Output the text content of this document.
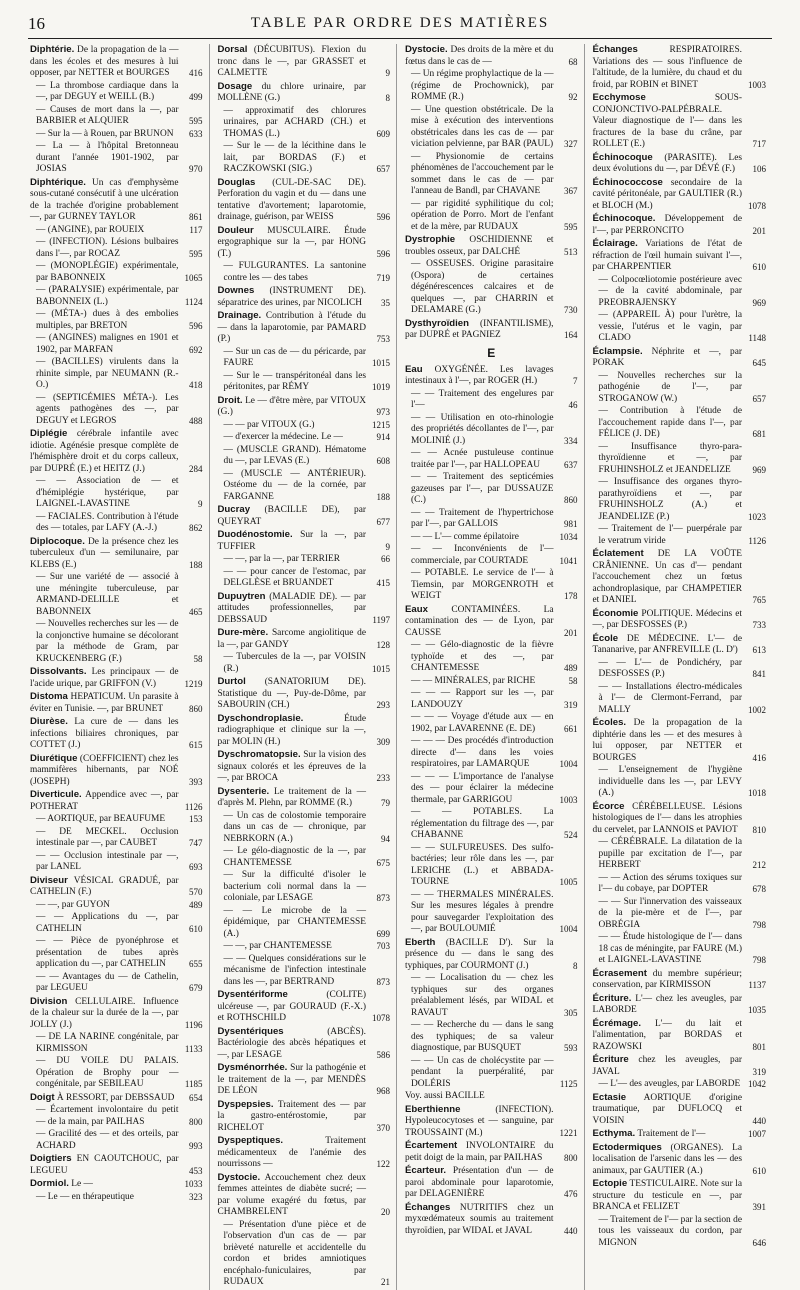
16	TABLE PAR ORDRE DES MATIÈRES
Diphtérie. De la propagation de la — dans les écoles et des mesures à lui opposer, par NETTER et BOURGES	416
— La thrombose cardiaque dans la —, par DEGUY et WEILL (B.)	499
— Causes de mort dans la —, par BARBIER et ALQUIER	595
— Sur la — à Rouen, par BRUNON	633
— La — à l'hôpital Bretonneau durant l'année 1901-1902, par JOSIAS	970
Diphtérique. Un cas d'emphysème sous-cutané consécutif à une ulcération de la trachée d'origine probablement —, par GURNEY TAYLOR	861
— (ANGINE), par ROUEIX	117
— (INFECTION). Lésions bulbaires dans l'—, par ROCAZ	595
— (MONOPLÉGIE) expérimentale, par BABONNEIX	1065
— (PARALYSIE) expérimentale, par BABONNEIX (L.)	1124
— (MÉTA-) dues à des embolies multiples, par BRETON	596
— (ANGINES) malignes en 1901 et 1902, par MARFAN	692
— (BACILLES) virulents dans la rhinite simple, par NEUMANN (R.-O.)	418
— (SEPTICÉMIES MÉTA-). Les agents pathogènes des —, par DEGUY et LEGROS	488
Diplégie cérébrale infantile avec idiotie. Agénésie presque complète de l'hémisphère droit et du corps calleux, par DUPRÉ (E.) et HEITZ (J.)	284
— — Association de — et d'hémiplégie hystérique, par LAIGNEL-LAVASTINE	9
— FACIALES. Contribution à l'étude des — totales, par LAFY (A.-J.)	862
Diplocoque. De la présence chez les tuberculeux d'un — semilunaire, par KLEBS (E.)	188
— Sur une variété de — associé à une méningite tuberculeuse, par ARMAND-DELILLE et BABONNEIX	465
— Nouvelles recherches sur les — de la conjonctive humaine se décolorant par la méthode de Gram, par KRUCKENBERG (F.)	58
Dissolvants. Les principaux — de l'acide urique, par GRIFFON (V.)	1219
Distoma HEPATICUM. Un parasite à éviter en Tunisie. —, par BRUNET	860
Diurèse. La cure de — dans les infections biliaires chroniques, par COTTET (J.)	615
Diurétique (COEFFICIENT) chez les mammifères hibernants, par NOÉ (JOSEPH)	393
Diverticule. Appendice avec —, par POTHERAT	1126
— AORTIQUE, par BEAUFUME	153
— DE MECKEL. Occlusion intestinale par —, par CAUBET	747
— — Occlusion intestinale par —, par LANEL	693
Diviseur VÉSICAL GRADUÉ, par CATHELIN (F.)	570
— —, par GUYON	489
— — Applications du —, par CATHELIN	610
— — Pièce de pyonéphrose et présentation de tubes après application du —, par CATHELIN	655
— — Avantages du — de Cathelin, par LEGUEU	679
Division CELLULAIRE. Influence de la chaleur sur la durée de la —, par JOLLY (J.)	1196
— DE LA NARINE congénitale, par KIRMISSON	1133
— DU VOILE DU PALAIS. Opération de Brophy pour — congénitale, par SEBILEAU	1185
Doigt À RESSORT, par DEBSSAUD	654
— Écartement involontaire du petit — de la main, par PAILHAS	800
— Gracilité des — et des orteils, par ACHARD	993
Doigtiers EN CAOUTCHOUC, par LEGUEU	453
Dormiol. Le —	1033
— Le — en thérapeutique	323
Dorsal (DÉCUBITUS). Flexion du tronc dans le —, par GRASSET et CALMETTE	9
Dosage du chlore urinaire, par MOLLÈNE (G.)	8
— approximatif des chlorures urinaires, par ACHARD (CH.) et THOMAS (L.)	609
— Sur le — de la lécithine dans le lait, par BORDAS (F.) et RACZKOWSKI (SIG.)	657
Douglas (CUL-DE-SAC DE). Perforation du vagin et du — dans une tentative d'avortement; laparotomie, drainage, guérison, par WEISS	596
Douleur MUSCULAIRE. Étude ergographique sur la —, par HONG (T.)	596
— FULGURANTES. La santonine contre les — des tabes	719
Downes (INSTRUMENT DE). séparatrice des urines, par NICOLICH	35
Drainage. Contribution à l'étude du — dans la laparotomie, par PAMARD (P.)	753
— Sur un cas de — du péricarde, par FAURE	1015
— Sur le — transpéritonéal dans les péritonites, par RÉMY	1019
Droit. Le — d'être mère, par VITOUX (G.)	973
— — par VITOUX (G.)	1215
— d'exercer la médecine. Le —	914
— (MUSCLE GRAND). Hématome du —, par LEVAS (E.)	608
— (MUSCLE — ANTÉRIEUR). Ostéome du — de la cornée, par FARGANNE	188
Ducray (BACILLE DE), par QUEYRAT	677
Duodénostomie. Sur la —, par TUFFIER	9
— —, par la —, par TERRIER	66
— — pour cancer de l'estomac, par DELGLÈSE et BRUANDET	415
Dupuytren (MALADIE DE). — par attitudes professionnelles, par DEBSSAUD	1197
Dure-mère. Sarcome angiolitique de la —, par GANDY	128
— Tubercules de la —, par VOISIN (R.)	1015
Durtol (SANATORIUM DE). Statistique du —, Puy-de-Dôme, par SABOURIN (CH.)	293
Dyschondroplasie.	Étude radiographique et clinique sur la —, par MOLIN (H.)	309
Dyschromatopsie. Sur la vision des signaux colorés et les épreuves de la —, par BROCA	233
Dysenterie. Le traitement de la — d'après M. Plehn, par ROMME (R.)	79
— Un cas de colostomie temporaire dans un cas de — chronique, par NEBRKORN (A.)	94
— Le gélo-diagnostic de la —, par CHANTEMESSE	675
— Sur la difficulté d'isoler le bacterium coli normal dans la — coloniale, par LESAGE	873
— — Le microbe de la — épidémique, par CHANTEMESSE (A.)	699
— —, par CHANTEMESSE	703
— — Quelques considérations sur le mécanisme de l'infection intestinale dans les —, par BERTRAND	873
Dysentériforme	(COLITE) ulcéreuse —, par GOURAUD (F.-X.) et ROTHSCHILD	1078
Dysentériques	(ABCÈS). Bactériologie des abcès hépatiques et —, par LESAGE	586
Dysménorrhée. Sur la pathogénie et le traitement de la —, par MENDÈS DE LÉON	968
Dyspepsies. Traitement des — par la gastro-entérostomie, par RICHELOT	370
Dyspeptiques.	Traitement médicamenteux de l'anémie des nourrissons —	122
Dystocie. Accouchement chez deux femmes atteintes de diabète sucré; — par volume exagéré du fœtus, par CHAMBRELENT	20
— Présentation d'une pièce et de l'observation d'un cas de — par brièveté naturelle et accidentelle du cordon et brides amniotiques encéphalo-funiculaires, par RUDAUX	21
Dystocie. Des droits de la mère et du fœtus dans le cas de —	68
— Un régime prophylactique de la — (régime de Prochownick), par ROMME (R.)	92
— Une question obstétricale. De la mise à exécution des interventions obstétricales dans les cas de — par viciation pelvienne, par BAR (PAUL)	327
— Physionomie de certains phénomènes de l'accouchement par le sommet dans le cas de — par l'anneau de Bandl, par CHAVANE	367
— par rigidité syphilitique du col; opération de Porro. Mort de l'enfant et de la mère, par RUDAUX	595
Dystrophie OSCHIDIENNE et troubles osseux, par DALCHÉ	513
— OSSEUSES. Origine parasitaire (Ospora) de certaines dégénérescences calcaires et de quelques —, par CHARRIN et DELAMARE (G.)	730
Dysthyroïdien (INFANTILISME), par DUPRÉ et PAGNIEZ	164
E
Eau OXYGÉNÉE. Les lavages intestinaux à l'—, par ROGER (H.)	7
— — Traitement des engelures par l'—	46
— — Utilisation en oto-rhinologie des propriétés décollantes de l'—, par MOLINIÉ (J.)	334
— — Acnée pustuleuse continue traitée par l'—, par HALLOPEAU	637
— — Traitement des septicémies gazeuses par l'—, par DUSSAUZE (C.)	860
— — Traitement de l'hypertrichose par l'—, par GALLOIS	981
— — L'— comme épilatoire	1034
— — Inconvénients de l'— commerciale, par COURTADE	1041
— POTABLE. Le service de l'— à Tiemsin, par MORGENROTH et WEIGT	178
Eaux CONTAMINÉES. La contamination des — de Lyon, par CAUSSE	201
— — Gélo-diagnostic de la fièvre typhoïde et des —, par CHANTEMESSE	489
— — MINÉRALES, par RICHE	58
— — — Rapport sur les —, par LANDOUZY	319
— — — Voyage d'étude aux — en 1902, par LAVARENNE (E. DE)	661
— — — Des procédés d'introduction directe d'— dans les voies respiratoires, par LAMARQUE	1004
— — — L'importance de l'analyse des — pour éclairer la médecine thermale, par GARRIGOU	1003
— — POTABLES. La réglementation du filtrage des —, par CHABANNE	524
— — SULFUREUSES. Des sulfo-bactéries; leur rôle dans les —, par LERICHE (L.) et ABBADA-TOURNE	1005
— — THERMALES MINÉRALES. Sur les mesures légales à prendre pour sauvegarder l'exploitation des —, par BOULOUMIÉ	1004
Eberth (BACILLE D'). Sur la présence du — dans le sang des typhiques, par COURMONT (J.)	8
— — Localisation du — chez les typhiques sur des organes préalablement lésés, par WIDAL et RAVAUT	305
— — Recherche du — dans le sang des typhiques; de sa valeur diagnostique, par BUSQUET	593
— — Un cas de cholécystite par — pendant la puerpéralité, par DOLÉRIS	1125
Voy. aussi BACILLE
Eberthienne	(INFECTION). Hypoleucocytoses et — sanguine, par TROUSSAINT (M.)	1221
Écartement INVOLONTAIRE du petit doigt de la main, par PAILHAS	800
Écarteur. Présentation d'un — de paroi abdominale pour laparotomie, par DELAGENIÈRE	476
Échanges NUTRITIFS chez un myxœdémateux soumis au traitement thyroïdien, par WIDAL et JAVAL	440
Échanges	RESPIRATOIRES. Variations des — sous l'influence de l'altitude, de la lumière, du chaud et du froid, par ROBIN et BINET	1003
Ecchymose	SOUS-CONJONCTIVO-PALPÉBRALE. Valeur diagnostique de l'— dans les fractures de la base du crâne, par ROLLET (E.)	717
Échinocoque (PARASITE). Les deux évolutions du —, par DÉVÉ (F.)	106
Échinococcose secondaire de la cavité péritonéale, par GAULTIER (R.) et BLOCH (M.)	1078
Échinocoque. Développement de l'—, par PERRONCITO	201
Éclairage. Variations de l'état de réfraction de l'œil humain suivant l'—, par CHARPENTIER	610
— Colpocœliotomie postérieure avec — de la cavité abdominale, par PREOBRAJENSKY	969
— (APPAREIL À) pour l'urètre, la vessie, l'utérus et le vagin, par CLADO	1148
Éclampsie. Néphrite et —, par PORAK	645
— Nouvelles recherches sur la pathogénie de l'—, par STROGANOW (W.)	657
— Contribution à l'étude de l'accouchement rapide dans l'—, par FÉLICE (J. DE)	681
— Insuffisance thyro-para-thyroïdienne et —, par FRUHINSHOLZ et JEANDELIZE	969
— Insuffisance des organes thyro-parathyroïdiens et —, par FRUHINSHOLZ (A.) et JEANDELIZE (P.)	1023
— Traitement de l'— puerpérale par le veratrum viride	1126
Éclatement DE LA VOÛTE CRÂNIENNE. Un cas d'— pendant l'accouchement chez un fœtus achondroplasique, par CHAMPETIER et DANIEL	765
Économie POLITIQUE. Médecins et —, par DESFOSSES (P.)	733
École DE MÉDECINE. L'— de Tananarive, par ANFREVILLE (L. D')	613
— — L'— de Pondichéry, par DESFOSSES (P.)	841
— — Installations électro-médicales à l'— de Clermont-Ferrand, par MALLY	1002
Écoles. De la propagation de la diphtérie dans les — et des mesures à lui opposer, par NETTER et BOURGES	416
— L'enseignement de l'hygiène individuelle dans les —, par LEVY (A.)	1018
Écorce CÉRÉBELLEUSE. Lésions histologiques de l'— dans les atrophies du cervelet, par LANNOIS et PAVIOT	810
— CÉRÉBRALE. La dilatation de la pupille par excitation de l'—, par HERBERT	212
— — Action des sérums toxiques sur l'— du cobaye, par DOPTER	678
— — Sur l'innervation des vaisseaux de la pie-mère et de l'—, par OBRÉGIA	798
— — Étude histologique de l'— dans 18 cas de méningite, par FAURE (M.) et LAIGNEL-LAVASTINE	798
Écrasement du membre supérieur; conservation, par KIRMISSON	1137
Écriture. L'— chez les aveugles, par LABORDE	1035
Écrémage. L'— du lait et l'alimentation, par BORDAS et RAZOWSKI	801
Écriture chez les aveugles, par JAVAL	319
— L'— des aveugles, par LABORDE 1042
Ectasie AORTIQUE d'origine traumatique, par DUFLOCQ et VOISIN	440
Ecthyma. Traitement de l'—	1007
Ectodermiques (ORGANES). La localisation de l'arsenic dans les — des animaux, par GAUTIER (A.)	610
Ectopie TESTICULAIRE. Note sur la structure du testicule en —, par BRANCA et FELIZET	391
— Traitement de l'— par la section de tous les vaisseaux du cordon, par MIGNON	646
